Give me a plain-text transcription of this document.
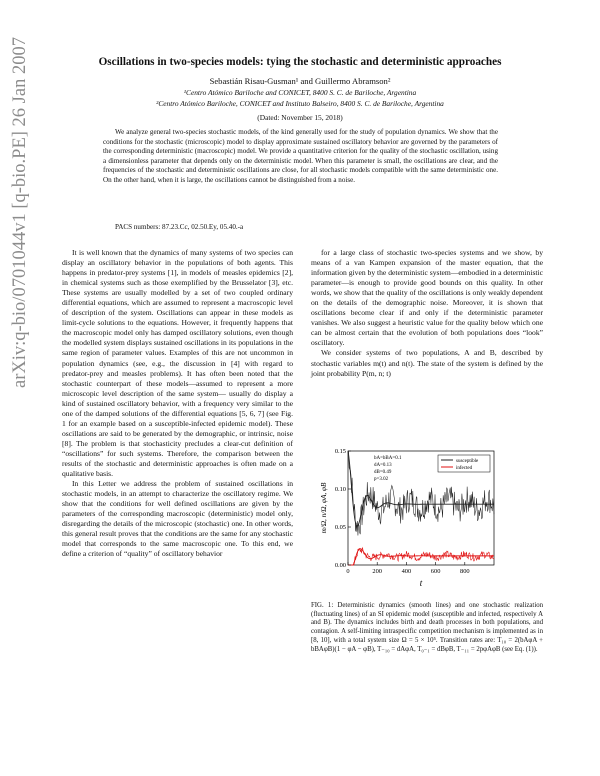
arXiv:q-bio/0701044v1 [q-bio.PE] 26 Jan 2007	Oscillations in two-species models: tying the stochastic and deterministic approaches
Sebastián Risau-Gusman¹ and Guillermo Abramson²
¹Centro Atómico Bariloche and CONICET, 8400 S. C. de Bariloche, Argentina
²Centro Atómico Bariloche, CONICET and Instituto Balseiro, 8400 S. C. de Bariloche, Argentina
(Dated: November 15, 2018)

We analyze general two-species stochastic models, of the kind generally used for the study of population dynamics. We show that the conditions for the stochastic (microscopic) model to display approximate sustained oscillatory behavior are governed by the parameters of the corresponding deterministic (macroscopic) model. We provide a quantitative criterion for the quality of the stochastic oscillation, using a dimensionless parameter that depends only on the deterministic model. When this parameter is small, the oscillations are clear, and the frequencies of the stochastic and deterministic oscillations are close, for all stochastic models compatible with the same deterministic one. On the other hand, when it is large, the oscillations cannot be distinguished from a noise.

PACS numbers: 87.23.Cc, 02.50.Ey, 05.40.-a

It is well known that the dynamics of many systems of two species can display an oscillatory behavior in the populations of both agents. This happens in predator-prey systems [1], in models of measles epidemics [2], in chemical systems such as those exemplified by the Brusselator [3], etc. These systems are usually modelled by a set of two coupled ordinary differential equations, which are assumed to represent a macroscopic level of description of the system. Oscillations can appear in these models as limit-cycle solutions to the equations. However, it frequently happens that the macroscopic model only has damped oscillatory solutions, even though the modelled system displays sustained oscillations in its populations in the same region of parameter values. Examples of this are not uncommon in population dynamics (see, e.g., the discussion in [4] with regard to predator-prey and measles problems). It has often been noted that the stochastic counterpart of these models—assumed to represent a more microscopic level description of the same system— usually do display a kind of sustained oscillatory behavior, with a frequency very similar to the one of the damped solutions of the differential equations [5, 6, 7] (see Fig. 1 for an example based on a susceptible-infected epidemic model). These oscillations are said to be generated by the demographic, or intrinsic, noise [8]. The problem is that stochasticity precludes a clear-cut definition of “oscillations” for such systems. Therefore, the comparison between the results of the stochastic and deterministic approaches is often made on a qualitative basis.

In this Letter we address the problem of sustained oscillations in stochastic models, in an attempt to characterize the oscillatory regime. We show that the conditions for well defined oscillations are given by the parameters of the corresponding macroscopic (deterministic) model only, disregarding the details of the microscopic (stochastic) one. In other words, this general result proves that the conditions are the same for any stochastic model that corresponds to the same macroscopic one. To this end, we define a criterion of “quality” of oscillatory behavior

for a large class of stochastic two-species systems and we show, by means of a van Kampen expansion of the master equation, that the information given by the deterministic system—embodied in a deterministic parameter—is enough to provide good bounds on this quality. In other words, we show that the quality of the oscillations is only weakly dependent on the details of the demographic noise. Moreover, it is shown that oscillations become clear if and only if the deterministic parameter vanishes. We also suggest a heuristic value for the quality below which one can be almost certain that the evolution of both populations does “look” oscillatory.

We consider systems of two populations, A and B, described by stochastic variables m(t) and n(t). The state of the system is defined by the joint probability P(m, n; t)

0.00
0.05
0.10
0.15
0	200	400	600	800
bA=bBA=0.1
dA=0.13
dB=0.49
p=3.02
susceptible
infected
t
m/Ω, n/Ω, φA, φB

FIG. 1: Deterministic dynamics (smooth lines) and one stochastic realization (fluctuating lines) of an SI epidemic model (susceptible and infected, respectively A and B). The dynamics includes birth and death processes in both populations, and contagion. A self-limiting intraspecific competition mechanism is implemented as in [8, 10], with a total system size Ω = 5 × 10⁵. Transition rates are: T₁₀ = 2(bAφA + bBAφB)(1 − φA − φB), T₋₁₀ = dAφA, T₀₋₁ = dBφB, T₋₁₁ = 2pφAφB (see Eq. (1)).
